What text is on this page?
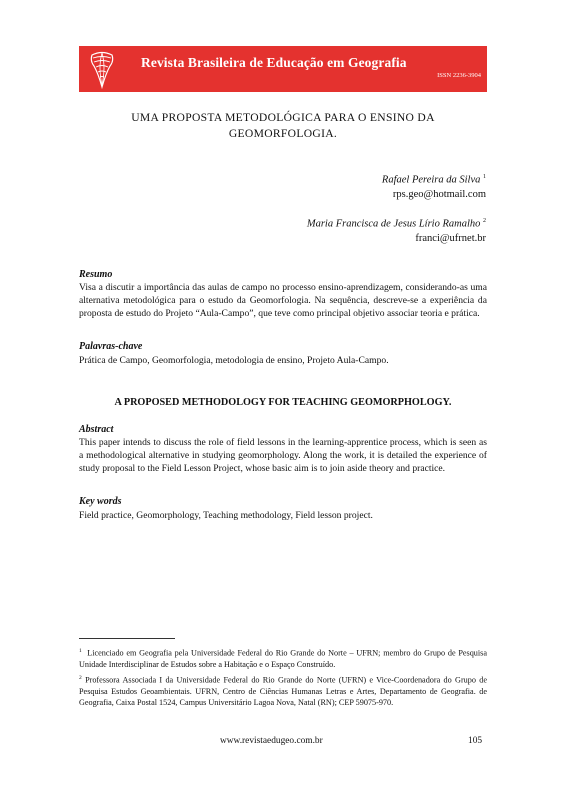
Revista Brasileira de Educação em Geografia
ISSN 2236-3904
UMA PROPOSTA METODOLÓGICA PARA O ENSINO DA
GEOMORFOLOGIA.
Rafael Pereira da Silva $^1$
rps.geo@hotmail.com
Maria Francisca de Jesus Lírio Ramalho $^2$
franci@ufrnet.br
Resumo
Visa a discutir a importância das aulas de campo no processo ensino-aprendizagem, considerando-as uma alternativa metodológica para o estudo da Geomorfologia. Na sequência, descreve-se a experiência da proposta de estudo do Projeto “Aula-Campo”, que teve como principal objetivo associar teoria e prática.
Palavras-chave
Prática de Campo, Geomorfologia, metodologia de ensino, Projeto Aula-Campo.
A PROPOSED METHODOLOGY FOR TEACHING GEOMORPHOLOGY.
Abstract
This paper intends to discuss the role of field lessons in the learning-apprentice process, which is seen as a methodological alternative in studying geomorphology. Along the work, it is detailed the experience of study proposal to the Field Lesson Project, whose basic aim is to join aside theory and practice.
Key words
Field practice, Geomorphology, Teaching methodology, Field lesson project.
$^1$ Licenciado em Geografia pela Universidade Federal do Rio Grande do Norte – UFRN; membro do Grupo de Pesquisa Unidade Interdisciplinar de Estudos sobre a Habitação e o Espaço Construído.
$^2$ Professora Associada I da Universidade Federal do Rio Grande do Norte (UFRN) e Vice-Coordenadora do Grupo de Pesquisa Estudos Geoambientais. UFRN, Centro de Ciências Humanas Letras e Artes, Departamento de Geografia. de Geografia, Caixa Postal 1524, Campus Universitário Lagoa Nova, Natal (RN); CEP 59075-970.
www.revistaedugeo.com.br	105
